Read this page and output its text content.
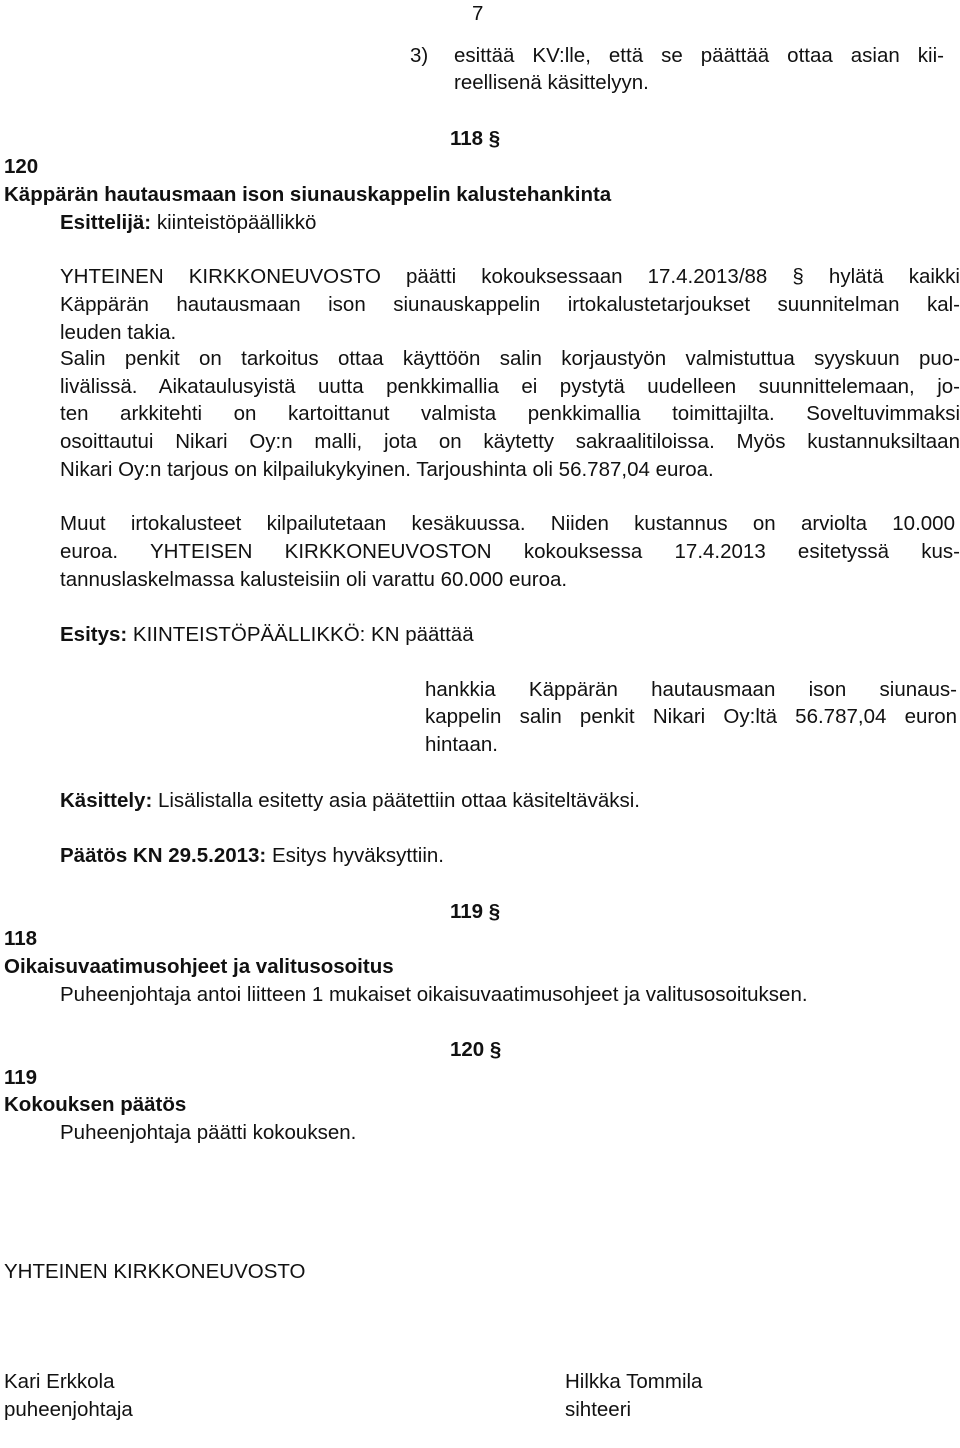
7
3) esittää KV:lle, että se päättää ottaa asian kii-
reellisenä käsittelyyn.
118 §
120
Käppärän hautausmaan ison siunauskappelin kalustehankinta
Esittelijä: kiinteistöpäällikkö
YHTEINEN KIRKKONEUVOSTO päätti kokouksessaan 17.4.2013/88 § hylätä kaikki
Käppärän hautausmaan ison siunauskappelin irtokalustetarjoukset suunnitelman kal-
leuden takia.
Salin penkit on tarkoitus ottaa käyttöön salin korjaustyön valmistuttua syyskuun puo-
livälissä. Aikataulusyistä uutta penkkimallia ei pystytä uudelleen suunnittelemaan, jo-
ten arkkitehti on kartoittanut valmista penkkimallia toimittajilta. Soveltuvimmaksi
osoittautui Nikari Oy:n malli, jota on käytetty sakraalitiloissa. Myös kustannuksiltaan
Nikari Oy:n tarjous on kilpailukykyinen. Tarjoushinta oli 56.787,04 euroa.
Muut irtokalusteet kilpailutetaan kesäkuussa. Niiden kustannus on arviolta 10.000
euroa. YHTEISEN KIRKKONEUVOSTON kokouksessa 17.4.2013 esitetyssä kus-
tannuslaskelmassa kalusteisiin oli varattu 60.000 euroa.
Esitys: KIINTEISTÖPÄÄLLIKKÖ: KN päättää
hankkia Käppärän hautausmaan ison siunaus-
kappelin salin penkit Nikari Oy:ltä 56.787,04 euron
hintaan.
Käsittely: Lisälistalla esitetty asia päätettiin ottaa käsiteltäväksi.
Päätös KN 29.5.2013: Esitys hyväksyttiin.
119 §
118
Oikaisuvaatimusohjeet ja valitusosoitus
Puheenjohtaja antoi liitteen 1 mukaiset oikaisuvaatimusohjeet ja valitusosoituksen.
120 §
119
Kokouksen päätös
Puheenjohtaja päätti kokouksen.
YHTEINEN KIRKKONEUVOSTO
Kari Erkkola
puheenjohtaja
Hilkka Tommila
sihteeri
